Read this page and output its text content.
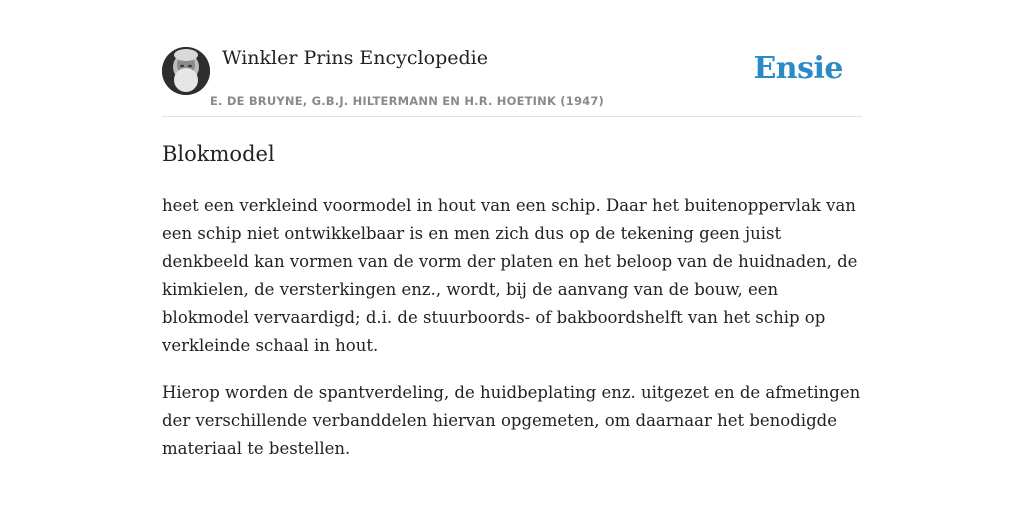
Winkler Prins Encyclopedie
E. DE BRUYNE, G.B.J. HILTERMANN EN H.R. HOETINK (1947)
Ensie
Blokmodel

heet een verkleind voormodel in hout van een schip. Daar het buitenoppervlak van een schip niet ontwikkelbaar is en men zich dus op de tekening geen juist denkbeeld kan vormen van de vorm der platen en het beloop van de huidnaden, de kimkielen, de versterkingen enz., wordt, bij de aanvang van de bouw, een blokmodel vervaardigd; d.i. de stuurboords- of bakboordshelft van het schip op verkleinde schaal in hout.

Hierop worden de spantverdeling, de huidbeplating enz. uitgezet en de afmetingen der verschillende verbanddelen hiervan opgemeten, om daarnaar het benodigde materiaal te bestellen.
